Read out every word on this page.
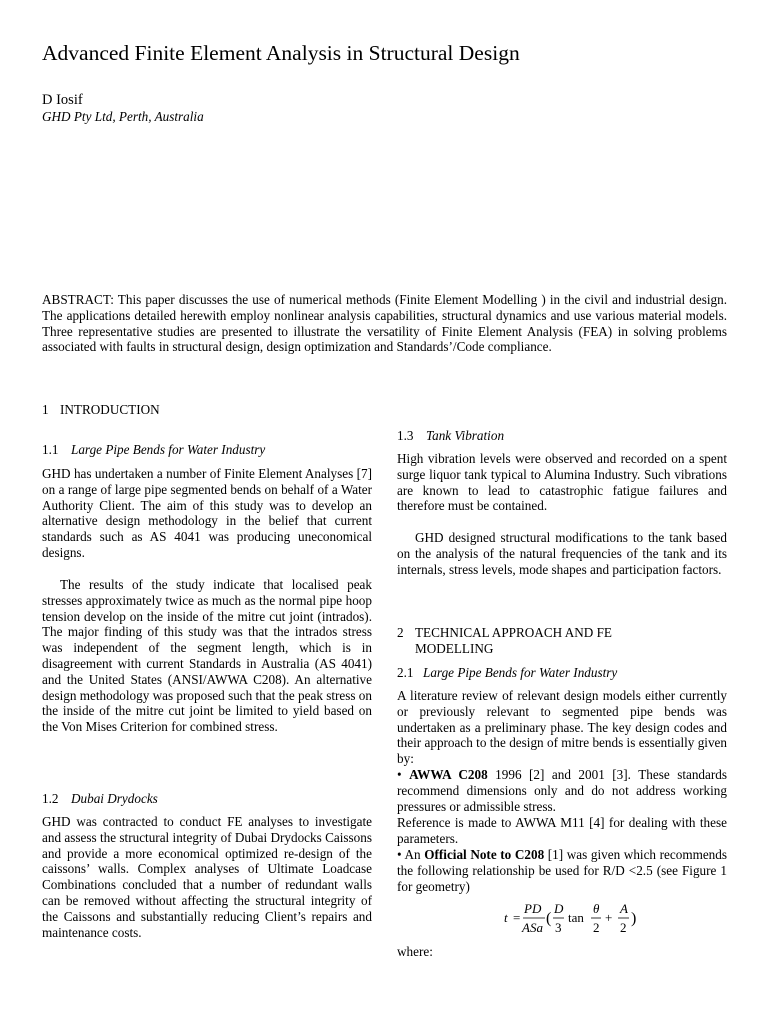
Advanced Finite Element Analysis in Structural Design
D Iosif
GHD Pty Ltd, Perth, Australia
ABSTRACT: This paper discusses the use of numerical methods (Finite Element Modelling ) in the civil and industrial design. The applications detailed herewith employ nonlinear analysis capabilities, structural dynamics and use various material models. Three representative studies are presented to illustrate the versatility of Finite Element Analysis (FEA) in solving problems associated with faults in structural design, design optimization and Standards’/Code compliance.
1 INTRODUCTION
1.1 Large Pipe Bends for Water Industry
GHD has undertaken a number of Finite Element Analyses [7] on a range of large pipe segmented bends on behalf of a Water Authority Client. The aim of this study was to develop an alternative design methodology in the belief that current standards such as AS 4041 was producing uneconomical designs.
The results of the study indicate that localised peak stresses approximately twice as much as the normal pipe hoop tension develop on the inside of the mitre cut joint (intrados). The major finding of this study was that the intrados stress was independent of the segment length, which is in disagreement with current Standards in Australia (AS 4041) and the United States (ANSI/AWWA C208). An alternative design methodology was proposed such that the peak stress on the inside of the mitre cut joint be limited to yield based on the Von Mises Criterion for combined stress.
1.2 Dubai Drydocks
GHD was contracted to conduct FE analyses to investigate and assess the structural integrity of Dubai Drydocks Caissons and provide a more economical optimized re-design of the caissons’ walls. Complex analyses of Ultimate Loadcase Combinations concluded that a number of redundant walls can be removed without affecting the structural integrity of the Caissons and substantially reducing Client’s repairs and maintenance costs.
1.3 Tank Vibration
High vibration levels were observed and recorded on a spent surge liquor tank typical to Alumina Industry. Such vibrations are known to lead to catastrophic fatigue failures and therefore must be contained.
GHD designed structural modifications to the tank based on the analysis of the natural frequencies of the tank and its internals, stress levels, mode shapes and participation factors.
2 TECHNICAL APPROACH AND FE
MODELLING
2.1 Large Pipe Bends for Water Industry
A literature review of relevant design models either currently or previously relevant to segmented pipe bends was undertaken as a preliminary phase. The key design codes and their approach to the design of mitre bends is essentially given by:
• AWWA C208 1996 [2] and 2001 [3]. These standards recommend dimensions only and do not address working pressures or admissible stress.
Reference is made to AWWA M11 [4] for dealing with these parameters.
• An Official Note to C208 [1] was given which recommends the following relationship be used for R/D <2.5 (see Figure 1 for geometry)
t =
PD
ASa
(
D
3
tan
θ
2
+
A
2
)
where:
